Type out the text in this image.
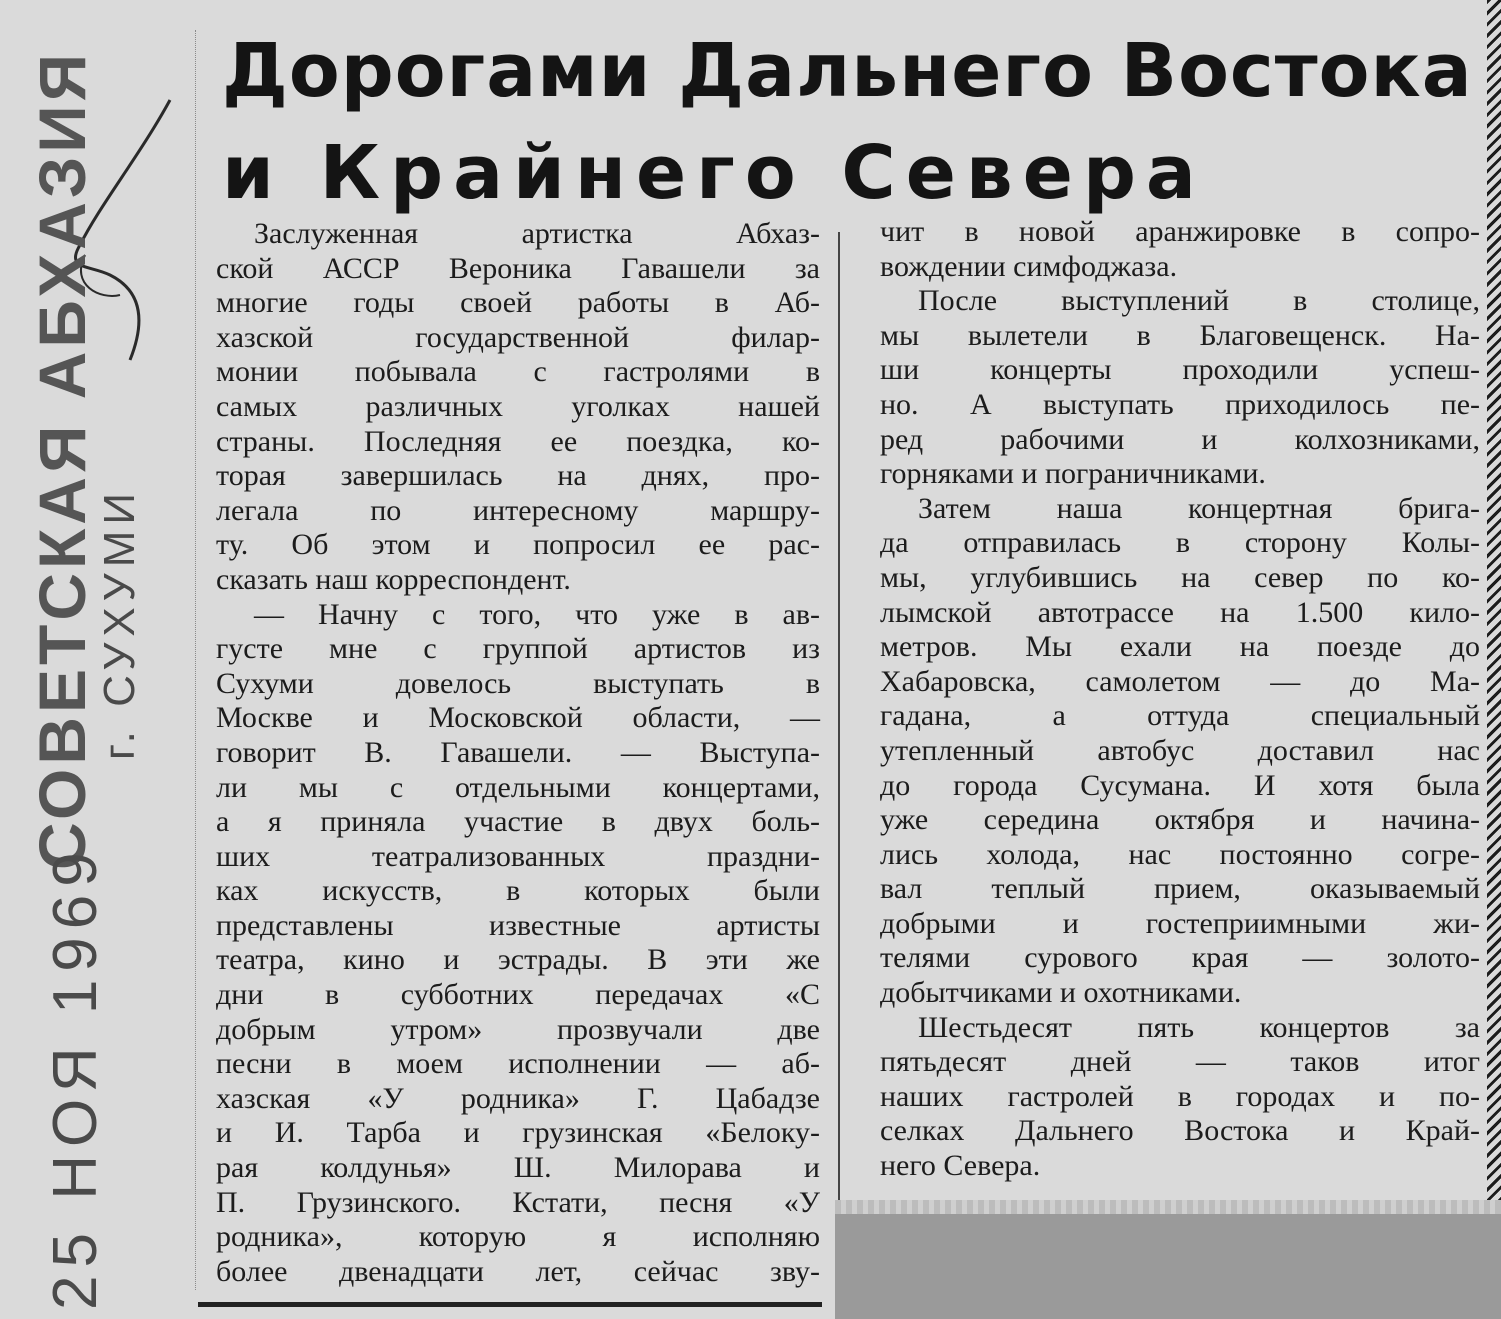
СОВЕТСКАЯ АБХАЗИЯ
г. СУХУМИ
25 НОЯ 1969
Дорогами Дальнего Востока
и Крайнего Севера
Заслуженная артистка Абхаз-
ской АССР Вероника Гавашели за
многие годы своей работы в Аб-
хазской государственной филар-
монии побывала с гастролями в
самых различных уголках нашей
страны. Последняя ее поездка, ко-
торая завершилась на днях, про-
легала по интересному маршру-
ту. Об этом и попросил ее рас-
сказать наш корреспондент.
— Начну с того, что уже в ав-
густе мне с группой артистов из
Сухуми довелось выступать в
Москве и Московской области, —
говорит В. Гавашели. — Выступа-
ли мы с отдельными концертами,
а я приняла участие в двух боль-
ших театрализованных праздни-
ках искусств, в которых были
представлены известные артисты
театра, кино и эстрады. В эти же
дни в субботних передачах «С
добрым утром» прозвучали две
песни в моем исполнении — аб-
хазская «У родника» Г. Цабадзе
и И. Тарба и грузинская «Белоку-
рая колдунья» Ш. Милорава и
П. Грузинского. Кстати, песня «У
родника», которую я исполняю
более двенадцати лет, сейчас зву-
чит в новой аранжировке в сопро-
вождении симфоджаза.
После выступлений в столице,
мы вылетели в Благовещенск. На-
ши концерты проходили успеш-
но. А выступать приходилось пе-
ред рабочими и колхозниками,
горняками и пограничниками.
Затем наша концертная брига-
да отправилась в сторону Колы-
мы, углубившись на север по ко-
лымской автотрассе на 1.500 кило-
метров. Мы ехали на поезде до
Хабаровска, самолетом — до Ма-
гадана, а оттуда специальный
утепленный автобус доставил нас
до города Сусумана. И хотя была
уже середина октября и начина-
лись холода, нас постоянно согре-
вал теплый прием, оказываемый
добрыми и гостеприимными жи-
телями сурового края — золото-
добытчиками и охотниками.
Шестьдесят пять концертов за
пятьдесят дней — таков итог
наших гастролей в городах и по-
селках Дальнего Востока и Край-
него Севера.
